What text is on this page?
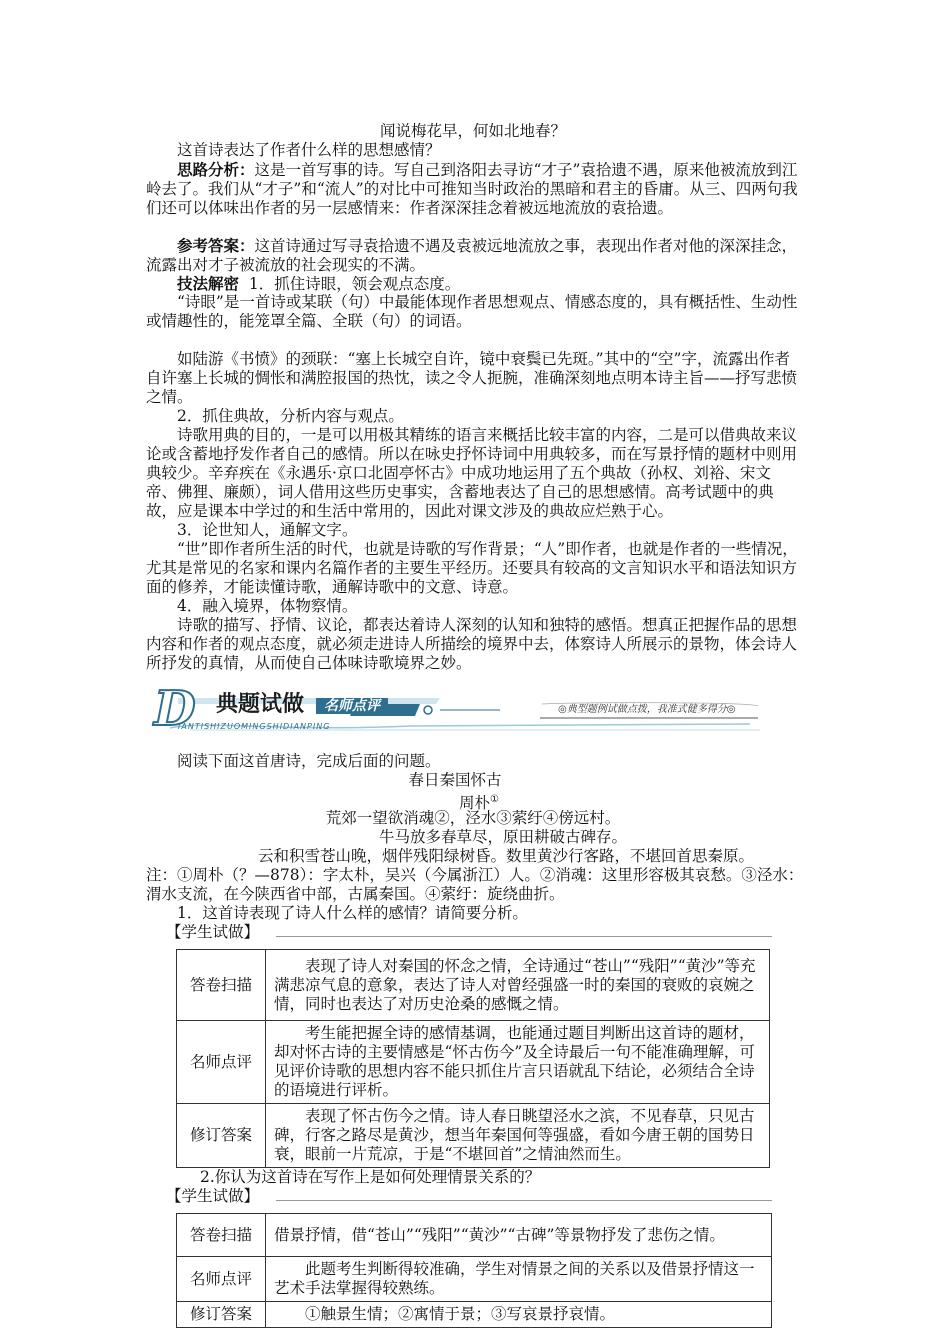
闻说梅花早，何如北地春？

这首诗表达了作者什么样的思想感情？

思路分析：这是一首写事的诗。写自己到洛阳去寻访“才子”袁拾遗不遇，原来他被流放到江岭去了。我们从“才子”和“流人”的对比中可推知当时政治的黑暗和君主的昏庸。从三、四两句我们还可以体味出作者的另一层感情来：作者深深挂念着被远地流放的袁拾遗。

参考答案：这首诗通过写寻袁拾遗不遇及袁被远地流放之事，表现出作者对他的深深挂念，流露出对才子被流放的社会现实的不满。

技法解密 1．抓住诗眼，领会观点态度。

“诗眼”是一首诗或某联（句）中最能体现作者思想观点、情感态度的，具有概括性、生动性或情趣性的，能笼罩全篇、全联（句）的词语。

如陆游《书愤》的颈联：“塞上长城空自许，镜中衰鬓已先斑。”其中的“空”字，流露出作者自许塞上长城的惆怅和满腔报国的热忱，读之令人扼腕，准确深刻地点明本诗主旨——抒写悲愤之情。

2．抓住典故，分析内容与观点。

诗歌用典的目的，一是可以用极其精练的语言来概括比较丰富的内容，二是可以借典故来议论或含蓄地抒发作者自己的感情。所以在咏史抒怀诗词中用典较多，而在写景抒情的题材中则用典较少。辛弃疾在《永遇乐·京口北固亭怀古》中成功地运用了五个典故（孙权、刘裕、宋文帝、佛狸、廉颇），词人借用这些历史事实，含蓄地表达了自己的思想感情。高考试题中的典故，应是课本中学过的和生活中常用的，因此对课文涉及的典故应烂熟于心。

3．论世知人，通解文字。

“世”即作者所生活的时代，也就是诗歌的写作背景；“人”即作者，也就是作者的一些情况，尤其是常见的名家和课内名篇作者的主要生平经历。还要具有较高的文言知识水平和语法知识方面的修养，才能读懂诗歌，通解诗歌中的文意、诗意。

4．融入境界，体物察情。

诗歌的描写、抒情、议论，都表达着诗人深刻的认知和独特的感悟。想真正把握作品的思想内容和作者的观点态度，就必须走进诗人所描绘的境界中去，体察诗人所展示的景物，体会诗人所抒发的真情，从而使自己体味诗歌境界之妙。

D 典题试做	名师点评
IANTISHIZUOMINGSHIDIANPING
◎典型题例试做点拨，我准式健多得分◎

阅读下面这首唐诗，完成后面的问题。

春日秦国怀古
周朴①
荒郊一望欲消魂②，泾水③萦纡④傍远村。
牛马放多春草尽，原田耕破古碑存。
云和积雪苍山晚，烟伴残阳绿树昏。数里黄沙行客路，不堪回首思秦原。

注：①周朴（？—878）：字太朴，吴兴（今属浙江）人。②消魂：这里形容极其哀愁。③泾水：渭水支流，在今陕西省中部，古属秦国。④萦纡：旋绕曲折。

1．这首诗表现了诗人什么样的感情？请简要分析。

【学生试做】
答卷扫描	表现了诗人对秦国的怀念之情，全诗通过“苍山”“残阳”“黄沙”等充满悲凉气息的意象，表达了诗人对曾经强盛一时的秦国的衰败的哀婉之情，同时也表达了对历史沧桑的感慨之情。
名师点评	考生能把握全诗的感情基调，也能通过题目判断出这首诗的题材，却对怀古诗的主要情感是“怀古伤今”及全诗最后一句不能准确理解，可见评价诗歌的思想内容不能只抓住片言只语就乱下结论，必须结合全诗的语境进行评析。
修订答案	表现了怀古伤今之情。诗人春日眺望泾水之滨，不见春草，只见古碑，行客之路尽是黄沙，想当年秦国何等强盛，看如今唐王朝的国势日衰，眼前一片荒凉，于是“不堪回首”之情油然而生。

2.你认为这首诗在写作上是如何处理情景关系的？

【学生试做】
答卷扫描	借景抒情，借“苍山”“残阳”“黄沙”“古碑”等景物抒发了悲伤之情。
名师点评	此题考生判断得较准确，学生对情景之间的关系以及借景抒情这一艺术手法掌握得较熟练。
修订答案	①触景生情；②寓情于景；③写哀景抒哀情。
